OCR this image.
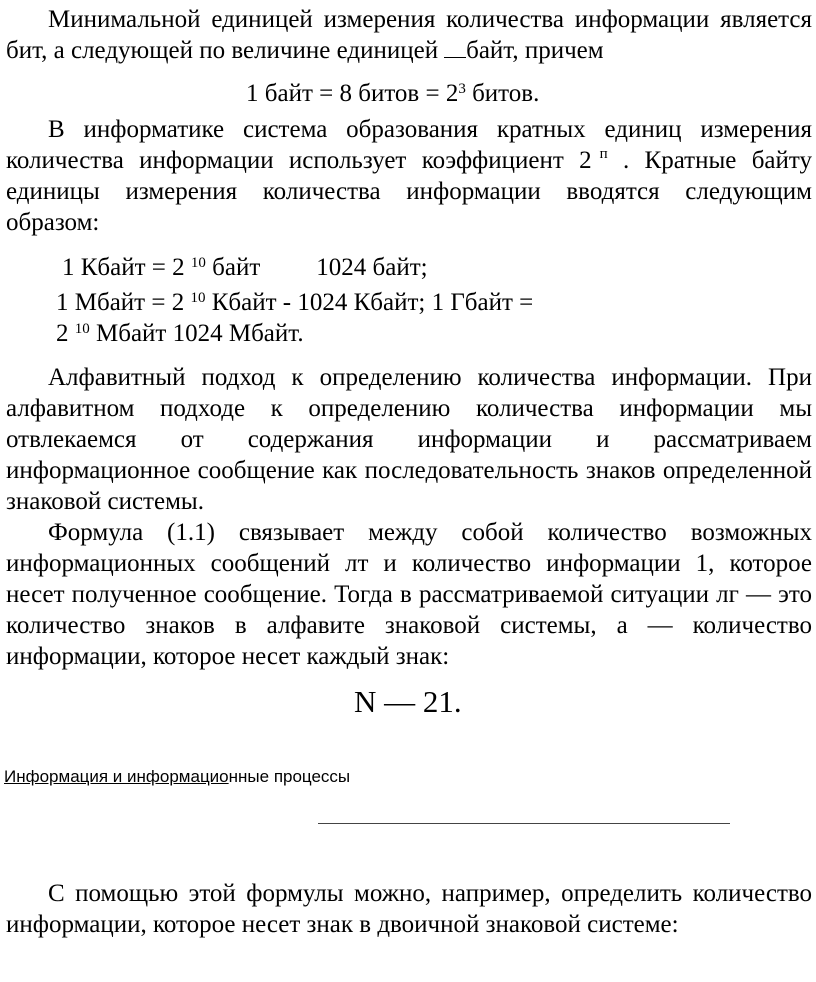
Минимальной единицей измерения количества информации является бит, а следующей по величине единицей байт, причем

1 байт = 8 битов = $2^3$ битов.

В информатике система образования кратных единиц измерения количества информации использует коэффициент 2 $^п$ . Кратные байту единицы измерения количества информации вводятся следующим образом:

1 Кбайт = 2 $^{10}$ байт 1024 байт;
1 Мбайт = 2 $^{10}$ Кбайт - 1024 Кбайт; 1 Гбайт =
2 $^{10}$ Мбайт 1024 Мбайт.

Алфавитный подход к определению количества информации. При алфавитном подходе к определению количества информации мы отвлекаемся от содержания информации и рассматриваем информационное сообщение как последовательность знаков определенной знаковой системы.

Формула (1.1) связывает между собой количество возможных информационных сообщений лт и количество информации 1, которое несет полученное сообщение. Тогда в рассматриваемой ситуации лг — это количество знаков в алфавите знаковой системы, а — количество информации, которое несет каждый знак:

N — 21.
Информация и информационные процессы

С помощью этой формулы можно, например, определить количество информации, которое несет знак в двоичной знаковой системе:
